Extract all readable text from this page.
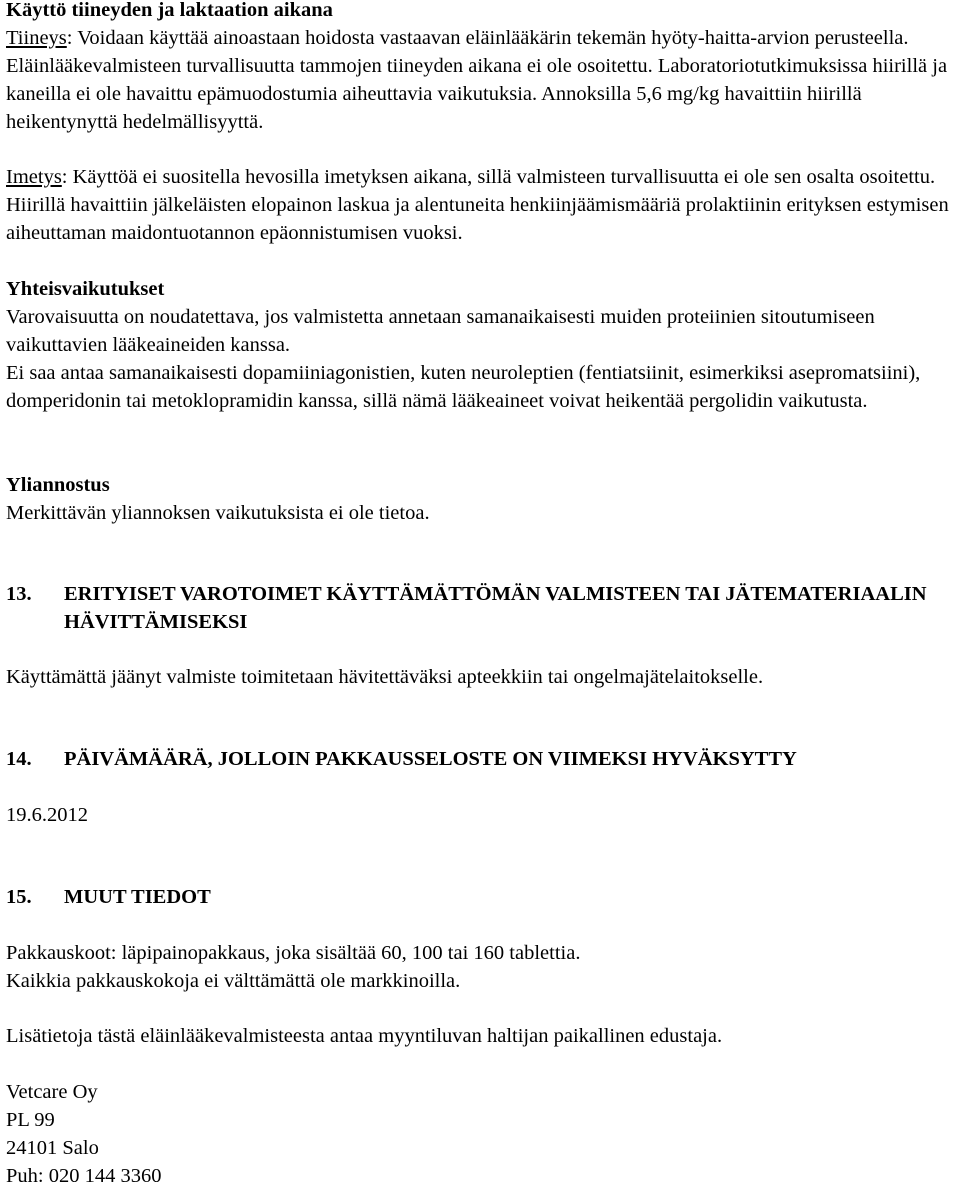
Käyttö tiineyden ja laktaation aikana

Tiineys: Voidaan käyttää ainoastaan hoidosta vastaavan eläinlääkärin tekemän hyöty-haitta-arvion perusteella. Eläinlääkevalmisteen turvallisuutta tammojen tiineyden aikana ei ole osoitettu. Laboratoriotutkimuksissa hiirillä ja kaneilla ei ole havaittu epämuodostumia aiheuttavia vaikutuksia. Annoksilla 5,6 mg/kg havaittiin hiirillä heikentynyttä hedelmällisyyttä.

Imetys: Käyttöä ei suositella hevosilla imetyksen aikana, sillä valmisteen turvallisuutta ei ole sen osalta osoitettu. Hiirillä havaittiin jälkeläisten elopainon laskua ja alentuneita henkiinjäämismääriä prolaktiinin erityksen estymisen aiheuttaman maidontuotannon epäonnistumisen vuoksi.

Yhteisvaikutukset

Varovaisuutta on noudatettava, jos valmistetta annetaan samanaikaisesti muiden proteiinien sitoutumiseen vaikuttavien lääkeaineiden kanssa.

Ei saa antaa samanaikaisesti dopamiiniagonistien, kuten neuroleptien (fentiatsiinit, esimerkiksi asepromatsiini), domperidonin tai metoklopramidin kanssa, sillä nämä lääkeaineet voivat heikentää pergolidin vaikutusta.

Yliannostus

Merkittävän yliannoksen vaikutuksista ei ole tietoa.

13.	ERITYISET VAROTOIMET KÄYTTÄMÄTTÖMÄN VALMISTEEN TAI JÄTEMATERIAALIN HÄVITTÄMISEKSI

Käyttämättä jäänyt valmiste toimitetaan hävitettäväksi apteekkiin tai ongelmajätelaitokselle.

14.	PÄIVÄMÄÄRÄ, JOLLOIN PAKKAUSSELOSTE ON VIIMEKSI HYVÄKSYTTY

19.6.2012

15.	MUUT TIEDOT

Pakkauskoot: läpipainopakkaus, joka sisältää 60, 100 tai 160 tablettia.

Kaikkia pakkauskokoja ei välttämättä ole markkinoilla.

Lisätietoja tästä eläinlääkevalmisteesta antaa myyntiluvan haltijan paikallinen edustaja.

Vetcare Oy

PL 99

24101 Salo

Puh: 020 144 3360
